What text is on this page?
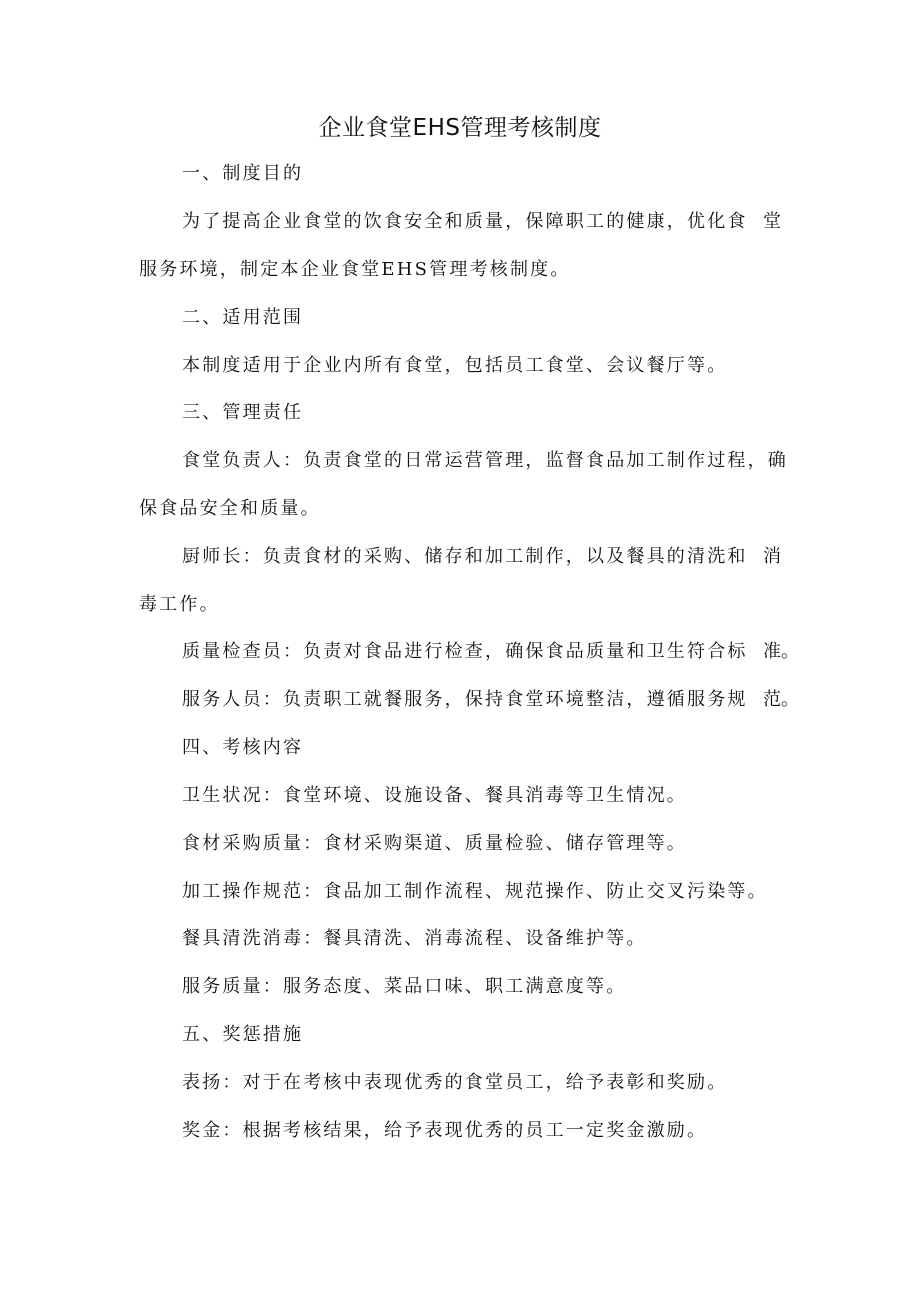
企业食堂EHS管理考核制度
一、制度目的
为了提高企业食堂的饮食安全和质量，保障职工的健康，优化食 堂
服务环境，制定本企业食堂EHS管理考核制度。
二、适用范围
本制度适用于企业内所有食堂，包括员工食堂、会议餐厅等。
三、管理责任
食堂负责人：负责食堂的日常运营管理，监督食品加工制作过程，确
保食品安全和质量。
厨师长：负责食材的采购、储存和加工制作，以及餐具的清洗和 消
毒工作。
质量检查员：负责对食品进行检查，确保食品质量和卫生符合标 准。
服务人员：负责职工就餐服务，保持食堂环境整洁，遵循服务规 范。
四、考核内容
卫生状况：食堂环境、设施设备、餐具消毒等卫生情况。
食材采购质量：食材采购渠道、质量检验、储存管理等。
加工操作规范：食品加工制作流程、规范操作、防止交叉污染等。
餐具清洗消毒：餐具清洗、消毒流程、设备维护等。
服务质量：服务态度、菜品口味、职工满意度等。
五、奖惩措施
表扬：对于在考核中表现优秀的食堂员工，给予表彰和奖励。
奖金：根据考核结果，给予表现优秀的员工一定奖金激励。
